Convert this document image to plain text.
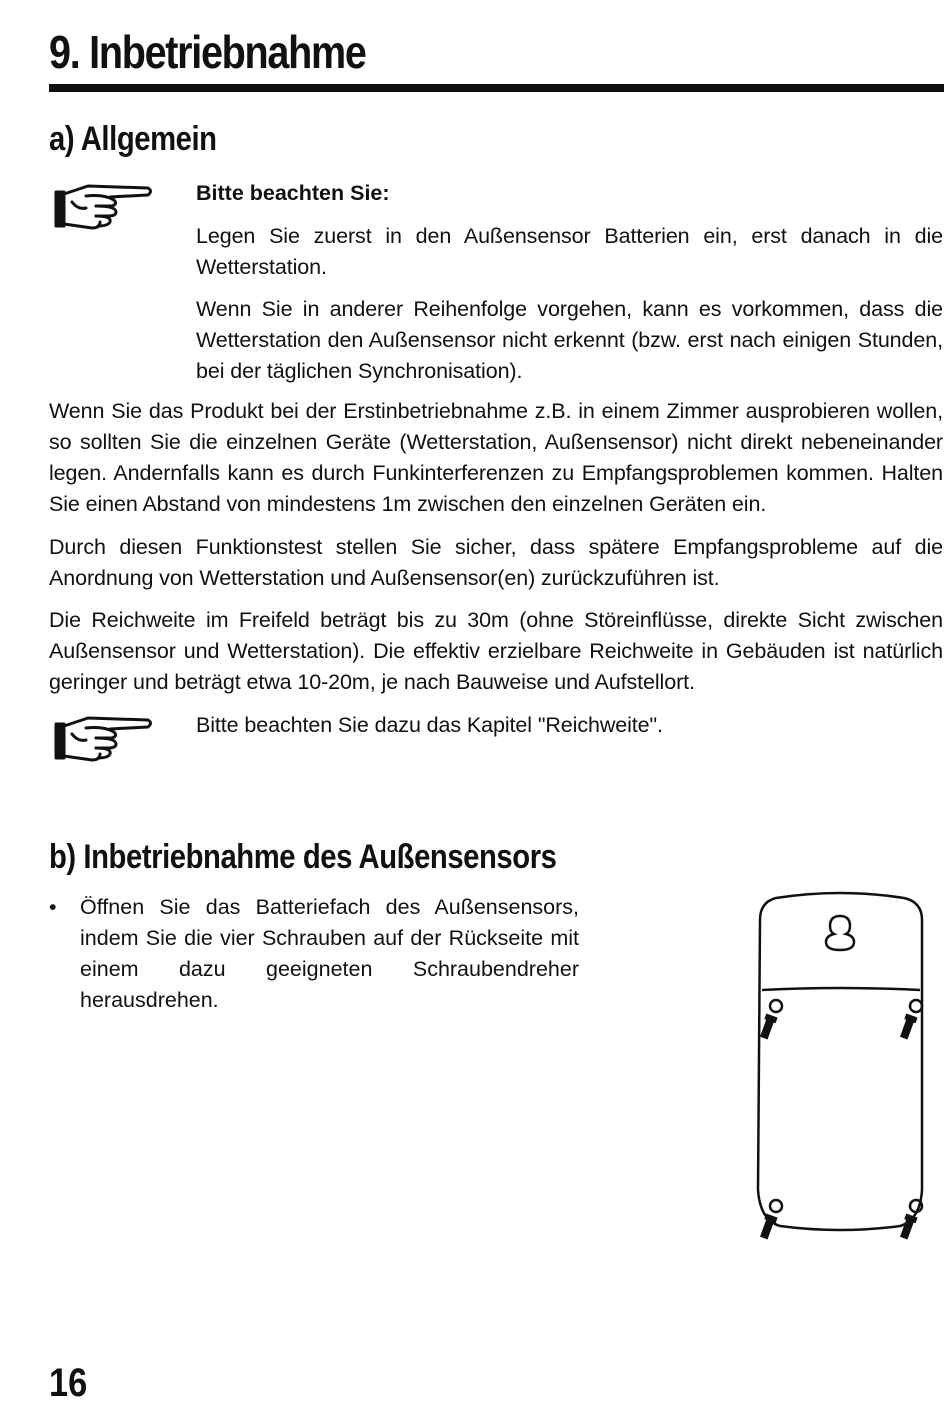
9. Inbetriebnahme
a) Allgemein

Bitte beachten Sie:

Legen Sie zuerst in den Außensensor Batterien ein, erst danach in die Wetterstation.

Wenn Sie in anderer Reihenfolge vorgehen, kann es vorkommen, dass die Wetterstation den Außensensor nicht erkennt (bzw. erst nach einigen Stunden, bei der täglichen Synchronisation).

Wenn Sie das Produkt bei der Erstinbetriebnahme z.B. in einem Zimmer ausprobieren wollen, so sollten Sie die einzelnen Geräte (Wetterstation, Außensensor) nicht direkt nebeneinander legen. Andernfalls kann es durch Funkinterferenzen zu Empfangsproblemen kommen. Halten Sie einen Abstand von mindestens 1m zwischen den einzelnen Geräten ein.

Durch diesen Funktionstest stellen Sie sicher, dass spätere Empfangsprobleme auf die Anordnung von Wetterstation und Außensensor(en) zurückzuführen ist.

Die Reichweite im Freifeld beträgt bis zu 30m (ohne Störeinflüsse, direkte Sicht zwischen Außensensor und Wetterstation). Die effektiv erzielbare Reichweite in Gebäuden ist natürlich geringer und beträgt etwa 10-20m, je nach Bauweise und Aufstellort.

Bitte beachten Sie dazu das Kapitel "Reichweite".

b) Inbetriebnahme des Außensensors
• Öffnen Sie das Batteriefach des Außensensors, indem Sie die vier Schrauben auf der Rückseite mit einem dazu geeigneten Schraubendreher herausdrehen.

16
